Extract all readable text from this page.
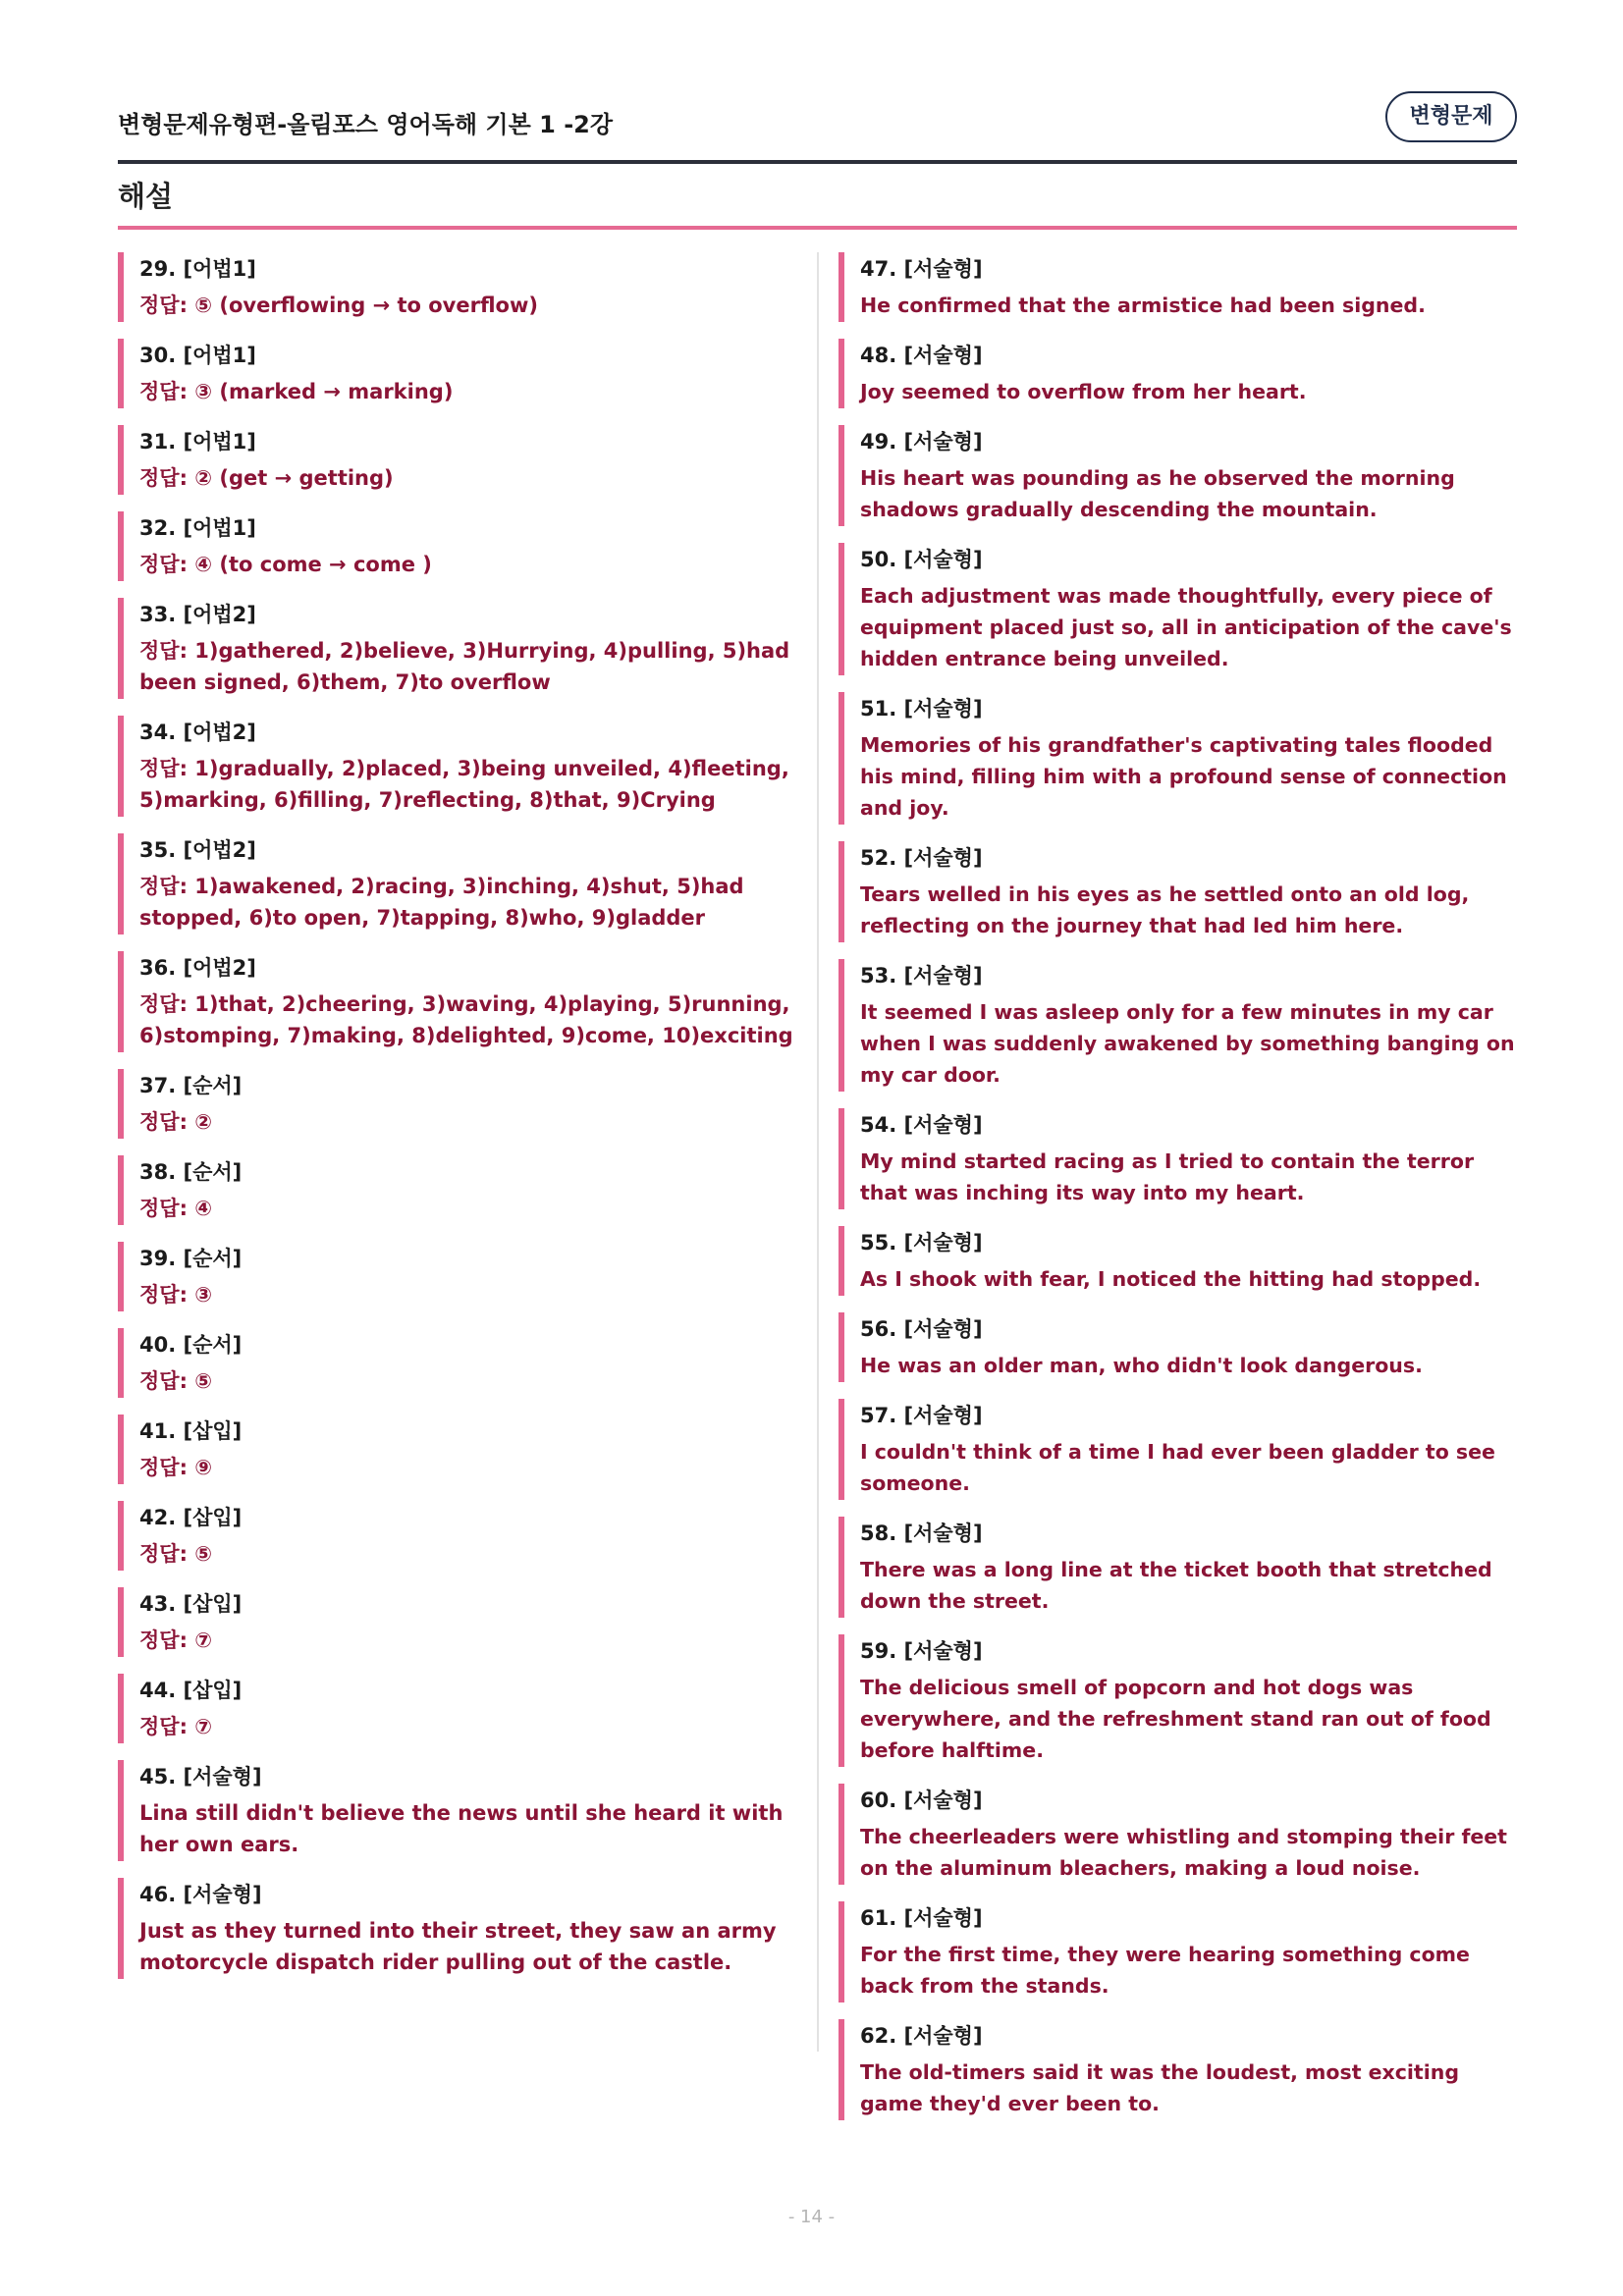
변형문제유형편-올림포스 영어독해 기본 1 -2강	변형문제
해설
29. [어법1]
정답: ⑤ (overflowing → to overflow)
30. [어법1]
정답: ③ (marked → marking)
31. [어법1]
정답: ② (get → getting)
32. [어법1]
정답: ④ (to come → come )
33. [어법2]
정답: 1)gathered, 2)believe, 3)Hurrying, 4)pulling, 5)had been signed, 6)them, 7)to overflow
34. [어법2]
정답: 1)gradually, 2)placed, 3)being unveiled, 4)fleeting, 5)marking, 6)filling, 7)reflecting, 8)that, 9)Crying
35. [어법2]
정답: 1)awakened, 2)racing, 3)inching, 4)shut, 5)had stopped, 6)to open, 7)tapping, 8)who, 9)gladder
36. [어법2]
정답: 1)that, 2)cheering, 3)waving, 4)playing, 5)running, 6)stomping, 7)making, 8)delighted, 9)come, 10)exciting
37. [순서]
정답: ②
38. [순서]
정답: ④
39. [순서]
정답: ③
40. [순서]
정답: ⑤
41. [삽입]
정답: ⑨
42. [삽입]
정답: ⑤
43. [삽입]
정답: ⑦
44. [삽입]
정답: ⑦
45. [서술형]
Lina still didn't believe the news until she heard it with her own ears.
46. [서술형]
Just as they turned into their street, they saw an army motorcycle dispatch rider pulling out of the castle.
47. [서술형]
He confirmed that the armistice had been signed.
48. [서술형]
Joy seemed to overflow from her heart.
49. [서술형]
His heart was pounding as he observed the morning shadows gradually descending the mountain.
50. [서술형]
Each adjustment was made thoughtfully, every piece of equipment placed just so, all in anticipation of the cave's hidden entrance being unveiled.
51. [서술형]
Memories of his grandfather's captivating tales flooded his mind, filling him with a profound sense of connection and joy.
52. [서술형]
Tears welled in his eyes as he settled onto an old log, reflecting on the journey that had led him here.
53. [서술형]
It seemed I was asleep only for a few minutes in my car when I was suddenly awakened by something banging on my car door.
54. [서술형]
My mind started racing as I tried to contain the terror that was inching its way into my heart.
55. [서술형]
As I shook with fear, I noticed the hitting had stopped.
56. [서술형]
He was an older man, who didn't look dangerous.
57. [서술형]
I couldn't think of a time I had ever been gladder to see someone.
58. [서술형]
There was a long line at the ticket booth that stretched down the street.
59. [서술형]
The delicious smell of popcorn and hot dogs was everywhere, and the refreshment stand ran out of food before halftime.
60. [서술형]
The cheerleaders were whistling and stomping their feet on the aluminum bleachers, making a loud noise.
61. [서술형]
For the first time, they were hearing something come back from the stands.
62. [서술형]
The old-timers said it was the loudest, most exciting game they'd ever been to.
- 14 -
